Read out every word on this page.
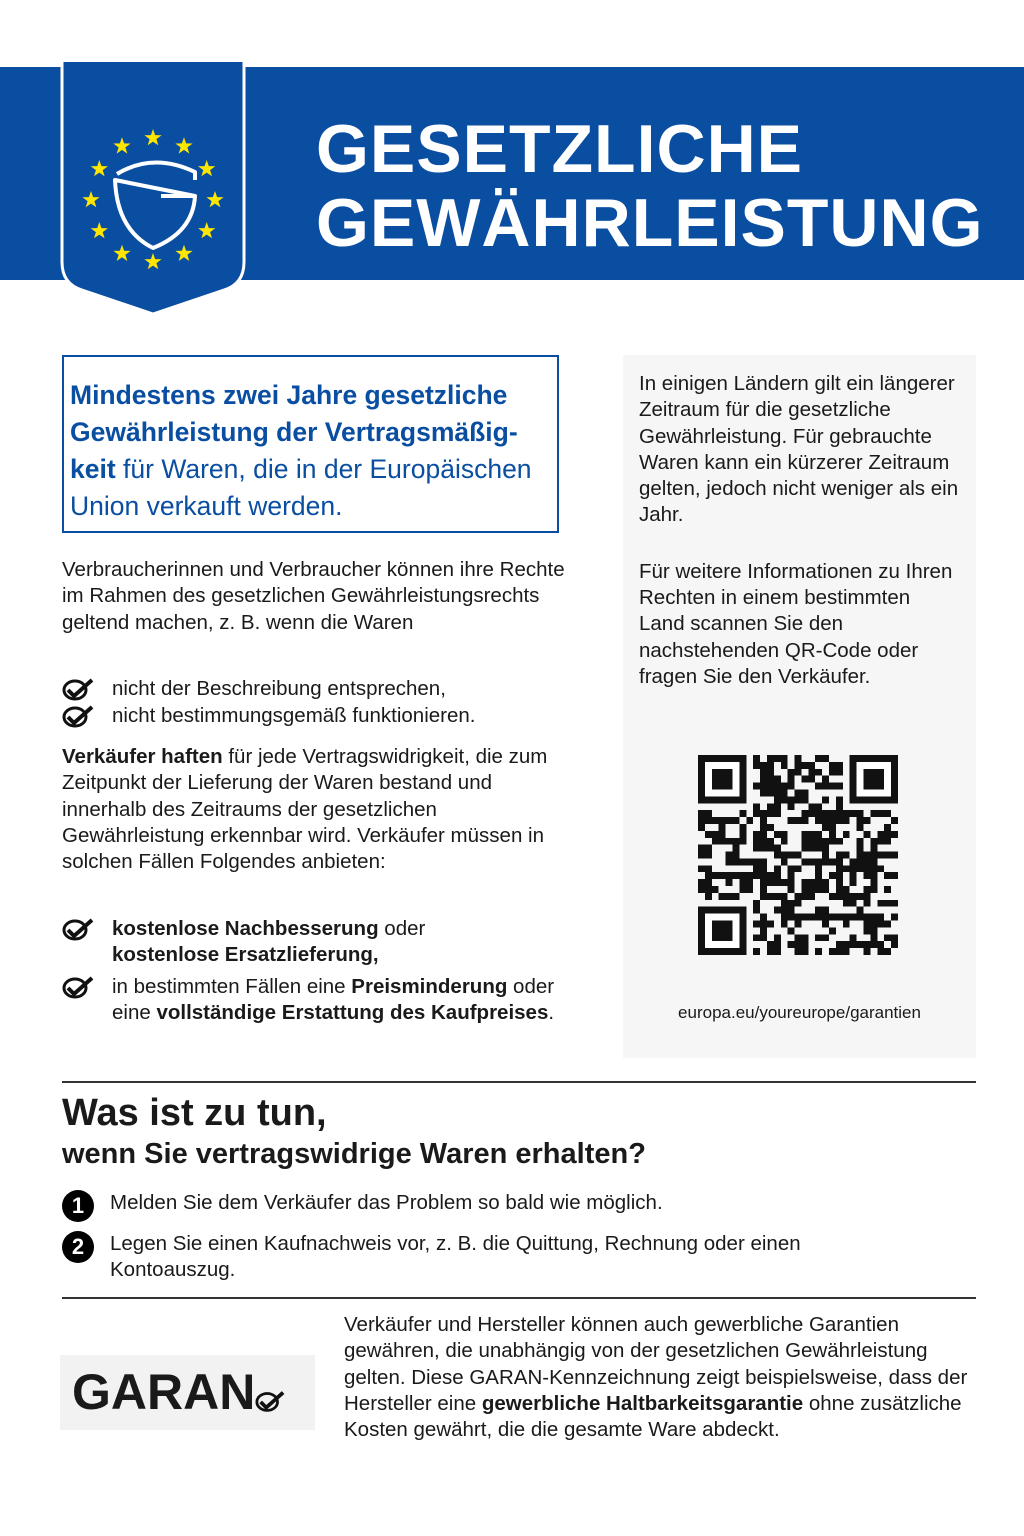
GESETZLICHE
GEWÄHRLEISTUNG
Mindestens zwei Jahre gesetzliche Gewährleistung der Vertragsmäßigkeit für Waren, die in der Europäischen Union verkauft werden.
Verbraucherinnen und Verbraucher können ihre Rechte im Rahmen des gesetzlichen Gewährleistungsrechts geltend machen, z. B. wenn die Waren
nicht der Beschreibung entsprechen,
nicht bestimmungsgemäß funktionieren.
Verkäufer haften für jede Vertragswidrigkeit, die zum Zeitpunkt der Lieferung der Waren bestand und innerhalb des Zeitraums der gesetzlichen Gewährleistung erkennbar wird. Verkäufer müssen in solchen Fällen Folgendes anbieten:
kostenlose Nachbesserung oder
kostenlose Ersatzlieferung,
in bestimmten Fällen eine Preisminderung oder eine vollständige Erstattung des Kaufpreises.

In einigen Ländern gilt ein längerer Zeitraum für die gesetzliche Gewährleistung. Für gebrauchte Waren kann ein kürzerer Zeitraum gelten, jedoch nicht weniger als ein Jahr.

Für weitere Informationen zu Ihren Rechten in einem bestimmten Land scannen Sie den nachstehenden QR-Code oder fragen Sie den Verkäufer.

europa.eu/youreurope/garantien
Was ist zu tun,
wenn Sie vertragswidrige Waren erhalten?
1	Melden Sie dem Verkäufer das Problem so bald wie möglich.
2	Legen Sie einen Kaufnachweis vor, z. B. die Quittung, Rechnung oder einen Kontoauszug.
GARAN
Verkäufer und Hersteller können auch gewerbliche Garantien gewähren, die unabhängig von der gesetzlichen Gewährleistung gelten. Diese GARAN-Kennzeichnung zeigt beispielsweise, dass der Hersteller eine gewerbliche Haltbarkeitsgarantie ohne zusätzliche Kosten gewährt, die die gesamte Ware abdeckt.
